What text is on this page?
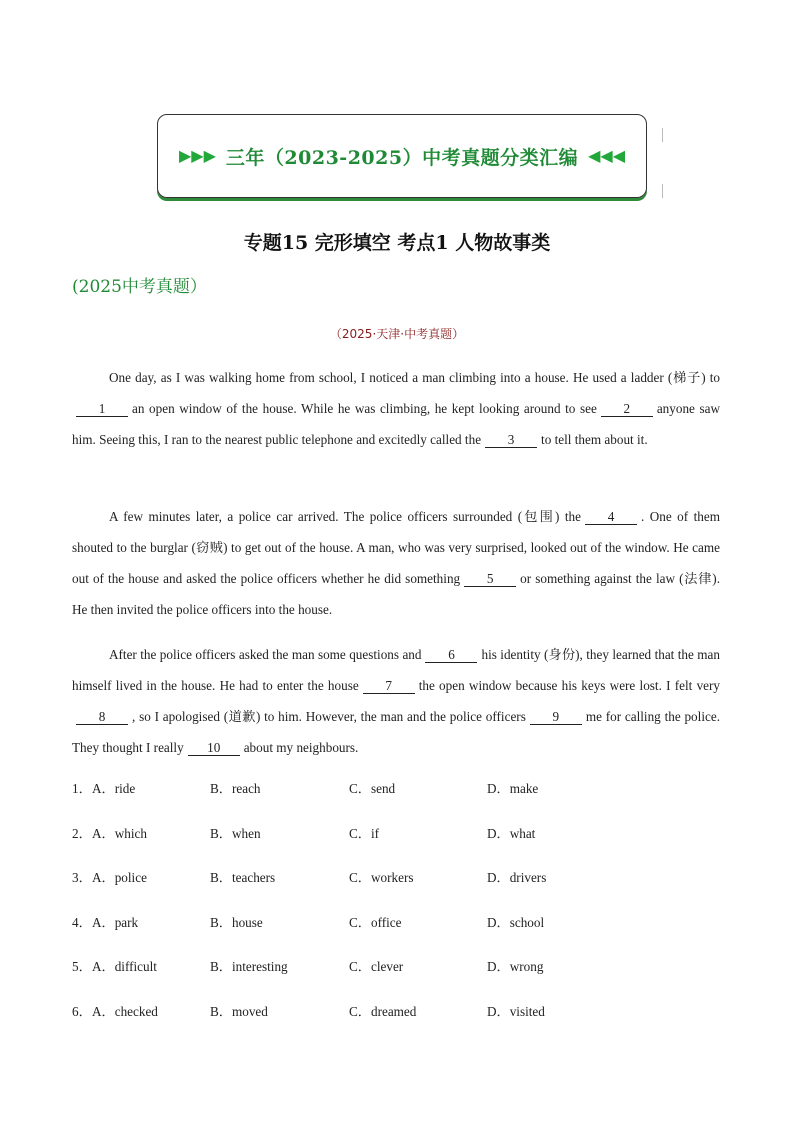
▶▶▶ 三年（2023-2025）中考真题分类汇编 ◀◀◀
专题15 完形填空 考点1 人物故事类
(2025中考真题）
（2025·天津·中考真题）

One day, as I was walking home from school, I noticed a man climbing into a house. He used a ladder (梯子) to1 an open window of the house. While he was climbing, he kept looking around to see 2 anyone saw him. Seeing this, I ran to the nearest public telephone and excitedly called the 3 to tell them about it.

A few minutes later, a police car arrived. The police officers surrounded (包围) the 4 . One of them shouted to the burglar (窃贼) to get out of the house. A man, who was very surprised, looked out of the window. He came out of the house and asked the police officers whether he did something 5 or something against the law (法律). He then invited the police officers into the house.

After the police officers asked the man some questions and 6 his identity (身份), they learned that the man himself lived in the house. He had to enter the house 7 the open window because his keys were lost. I felt very8 , so I apologised (道歉) to him. However, the man and the police officers 9 me for calling the police. They thought I really 10 about my neighbours.

1． A．ride	B．reach	C．send	D．make
2． A．which	B．when	C．if	D．what
3． A．police	B．teachers	C．workers	D．drivers
4． A．park	B．house	C．office	D．school
5． A．difficult	B．interesting	C．clever	D．wrong
6． A．checked	B．moved	C．dreamed	D．visited
